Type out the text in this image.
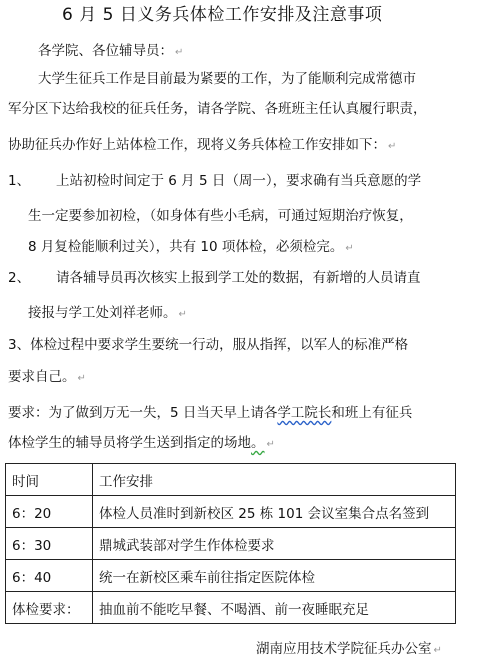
6 月 5 日义务兵体检工作安排及注意事项
各学院、各位辅导员： ↵
大学生征兵工作是目前最为紧要的工作，为了能顺利完成常德市
军分区下达给我校的征兵任务，请各学院、各班班主任认真履行职责，
协助征兵办作好上站体检工作，现将义务兵体检工作安排如下： ↵
1、 上站初检时间定于 6 月 5 日（周一），要求确有当兵意愿的学
生一定要参加初检，（如身体有些小毛病，可通过短期治疗恢复，
8 月复检能顺利过关），共有 10 项体检，必须检完。 ↵
2、 请各辅导员再次核实上报到学工处的数据，有新增的人员请直
接报与学工处刘祥老师。 ↵
3、体检过程中要求学生要统一行动，服从指挥，以军人的标准严格
要求自己。 ↵
要求：为了做到万无一失，5 日当天早上请各学工院长和班上有征兵
体检学生的辅导员将学生送到指定的场地。 ↵
时间	工作安排
6：20	体检人员准时到新校区 25 栋 101 会议室集合点名签到
6：30	鼎城武装部对学生作体检要求
6：40	统一在新校区乘车前往指定医院体检
体检要求：	抽血前不能吃早餐、不喝酒、前一夜睡眠充足
湖南应用技术学院征兵办公室 ↵
